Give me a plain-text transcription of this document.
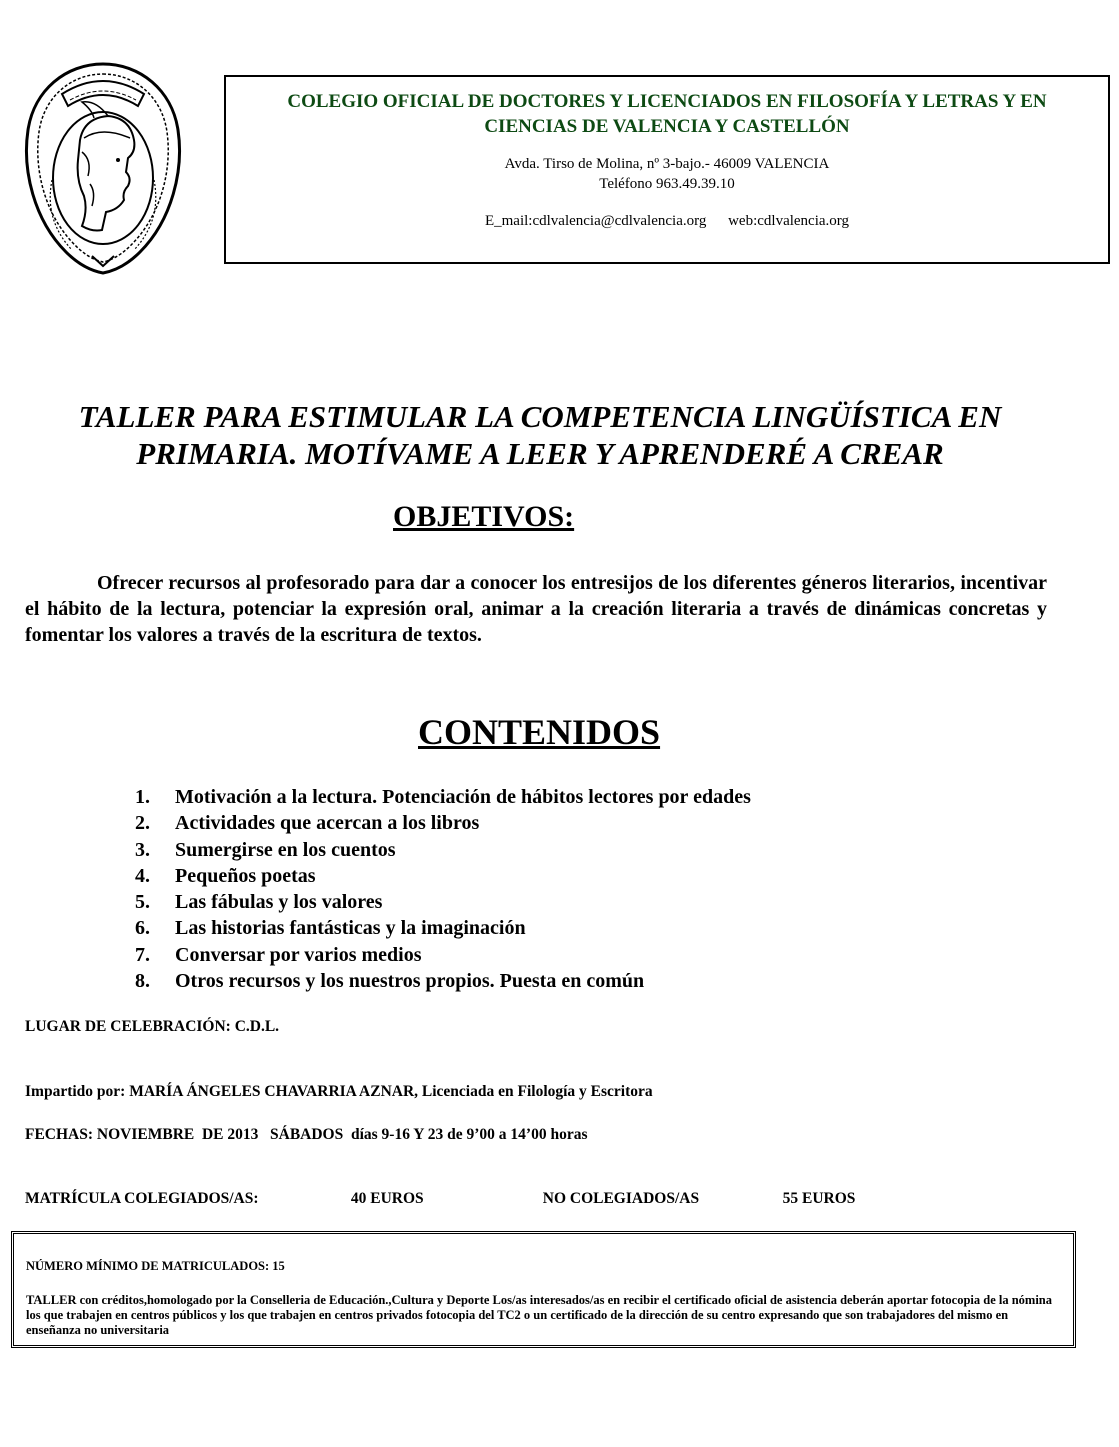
COLEGIO OFICIAL DE DOCTORES Y LICENCIADOS EN FILOSOFÍA Y LETRAS Y EN CIENCIAS DE VALENCIA Y CASTELLÓN
Avda. Tirso de Molina, nº 3-bajo.- 46009 VALENCIA
Teléfono 963.49.39.10
E_mail:cdlvalencia@cdlvalencia.org web:cdlvalencia.org
TALLER PARA ESTIMULAR LA COMPETENCIA LINGÜÍSTICA EN PRIMARIA. MOTÍVAME A LEER Y APRENDERÉ A CREAR
OBJETIVOS:
Ofrecer recursos al profesorado para dar a conocer los entresijos de los diferentes géneros literarios, incentivar el hábito de la lectura, potenciar la expresión oral, animar a la creación literaria a través de dinámicas concretas y fomentar los valores a través de la escritura de textos.
CONTENIDOS
1.	Motivación a la lectura. Potenciación de hábitos lectores por edades
2.	Actividades que acercan a los libros
3.	Sumergirse en los cuentos
4.	Pequeños poetas
5.	Las fábulas y los valores
6.	Las historias fantásticas y la imaginación
7.	Conversar por varios medios
8.	Otros recursos y los nuestros propios. Puesta en común
LUGAR DE CELEBRACIÓN: C.D.L.
Impartido por: MARÍA ÁNGELES CHAVARRIA AZNAR, Licenciada en Filología y Escritora
FECHAS: NOVIEMBRE  DE 2013   SÁBADOS  días 9-16 Y 23 de 9’00 a 14’00 horas
MATRÍCULA COLEGIADOS/AS:	40 EUROS	NO COLEGIADOS/AS	55 EUROS
NÚMERO MÍNIMO DE MATRICULADOS: 15
TALLER con créditos,homologado por la Conselleria de Educación.,Cultura y Deporte Los/as interesados/as en recibir el certificado oficial de asistencia deberán aportar fotocopia de la nómina los que trabajen en centros públicos y los que trabajen en centros privados fotocopia del TC2 o un certificado de la dirección de su centro expresando que son trabajadores del mismo en enseñanza no universitaria
